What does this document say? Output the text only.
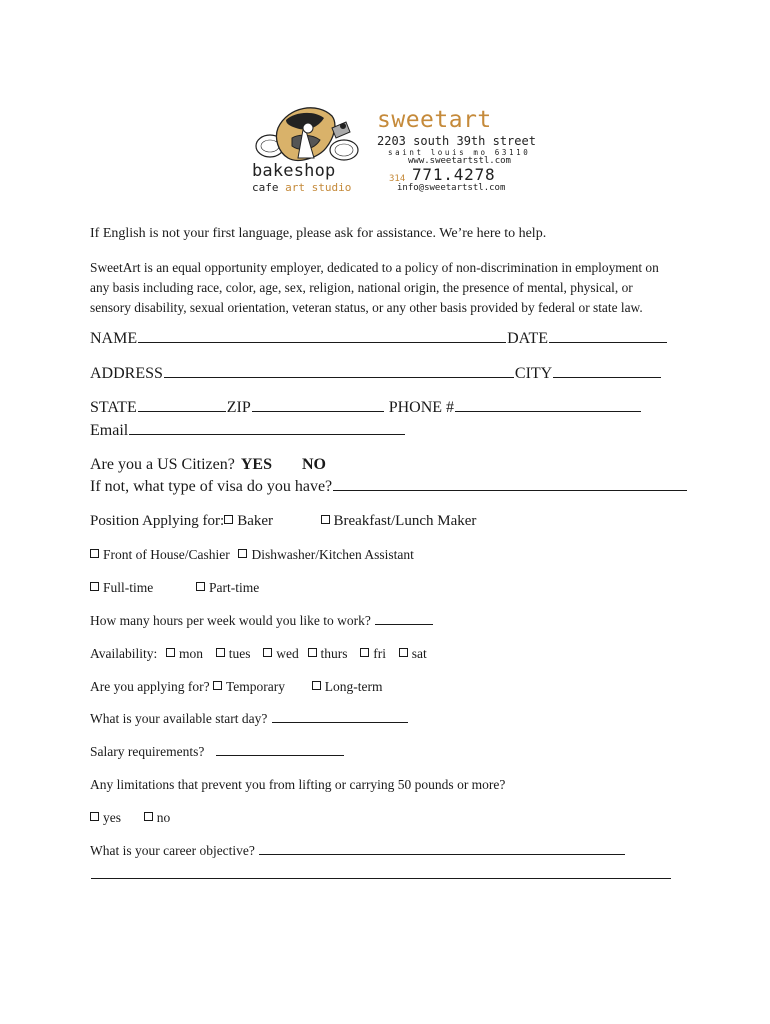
bakeshop
cafe art studio
sweetart
2203 south 39th street
saint louis mo 63110
www.sweetartstl.com
314 771.4278
info@sweetartstl.com
If English is not your first language, please ask for assistance. We’re here to help.
SweetArt is an equal opportunity employer, dedicated to a policy of non-discrimination in employment on
any basis including race, color, age, sex, religion, national origin, the presence of mental, physical, or
sensory disability, sexual orientation, veteran status, or any other basis provided by federal or state law.
NAME	DATE
ADDRESS	CITY
STATE	ZIP	PHONE #
Email
Are you a US Citizen? YES NO
If not, what type of visa do you have?
Position Applying for: Baker	Breakfast/Lunch Maker
Front of House/Cashier Dishwasher/Kitchen Assistant
Full-time	Part-time
How many hours per week would you like to work?
Availability: mon tues wed thurs fri sat
Are you applying for? Temporary	Long-term
What is your available start day?
Salary requirements?
Any limitations that prevent you from lifting or carrying 50 pounds or more?
yes	no
What is your career objective?
